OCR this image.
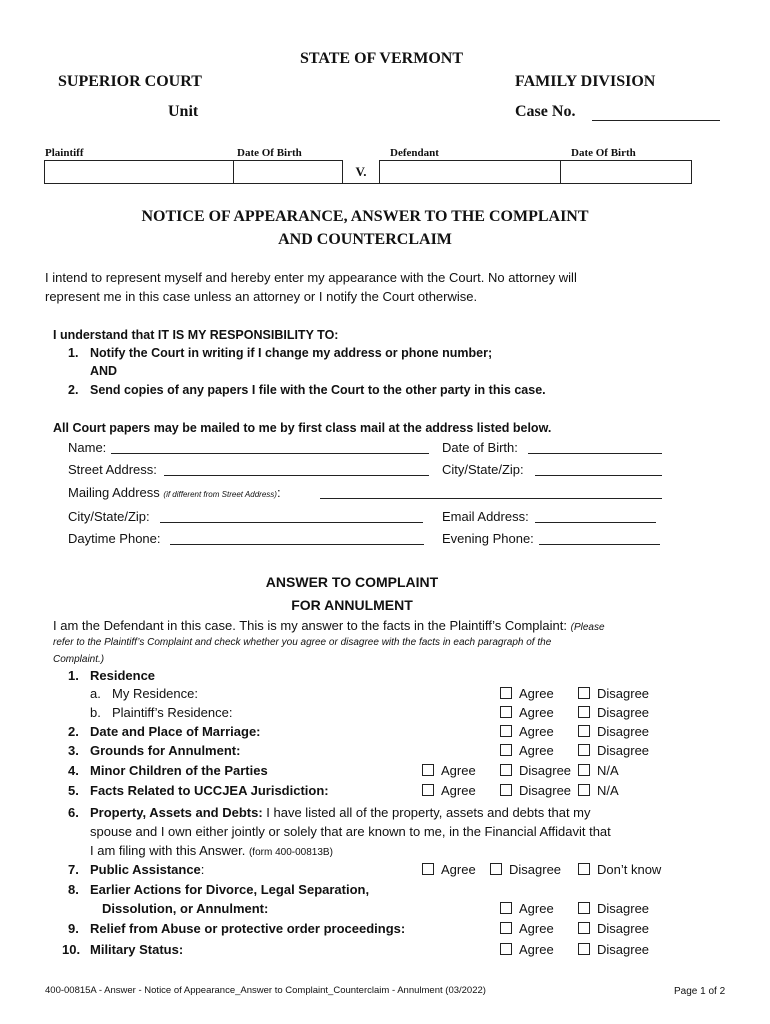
STATE OF VERMONT
SUPERIOR COURT	FAMILY DIVISION
Unit	Case No.
Plaintiff	Date Of Birth	Defendant	Date Of Birth
		V.		
NOTICE OF APPEARANCE, ANSWER TO THE COMPLAINT
AND COUNTERCLAIM
I intend to represent myself and hereby enter my appearance with the Court. No attorney will
represent me in this case unless an attorney or I notify the Court otherwise.
I understand that IT IS MY RESPONSIBILITY TO:
1. Notify the Court in writing if I change my address or phone number;
AND
2. Send copies of any papers I file with the Court to the other party in this case.
All Court papers may be mailed to me by first class mail at the address listed below.
Name:	Date of Birth:
Street Address:	City/State/Zip:
Mailing Address (if different from Street Address):
City/State/Zip:	Email Address:
Daytime Phone:	Evening Phone:
ANSWER TO COMPLAINT
FOR ANNULMENT
I am the Defendant in this case. This is my answer to the facts in the Plaintiff’s Complaint: (Please
refer to the Plaintiff’s Complaint and check whether you agree or disagree with the facts in each paragraph of the
Complaint.)
1. Residence
a. My Residence:	Agree	Disagree
b. Plaintiff’s Residence:	Agree	Disagree
2. Date and Place of Marriage:	Agree	Disagree
3. Grounds for Annulment:	Agree	Disagree
4. Minor Children of the Parties	Agree	Disagree	N/A
5. Facts Related to UCCJEA Jurisdiction:	Agree	Disagree	N/A
6. Property, Assets and Debts: I have listed all of the property, assets and debts that my
spouse and I own either jointly or solely that are known to me, in the Financial Affidavit that
I am filing with this Answer. (form 400-00813B)
7. Public Assistance:	Agree	Disagree	Don’t know
8. Earlier Actions for Divorce, Legal Separation,
Dissolution, or Annulment:	Agree	Disagree
9. Relief from Abuse or protective order proceedings:	Agree	Disagree
10. Military Status:	Agree	Disagree
400-00815A - Answer - Notice of Appearance_Answer to Complaint_Counterclaim - Annulment (03/2022)	Page 1 of 2
